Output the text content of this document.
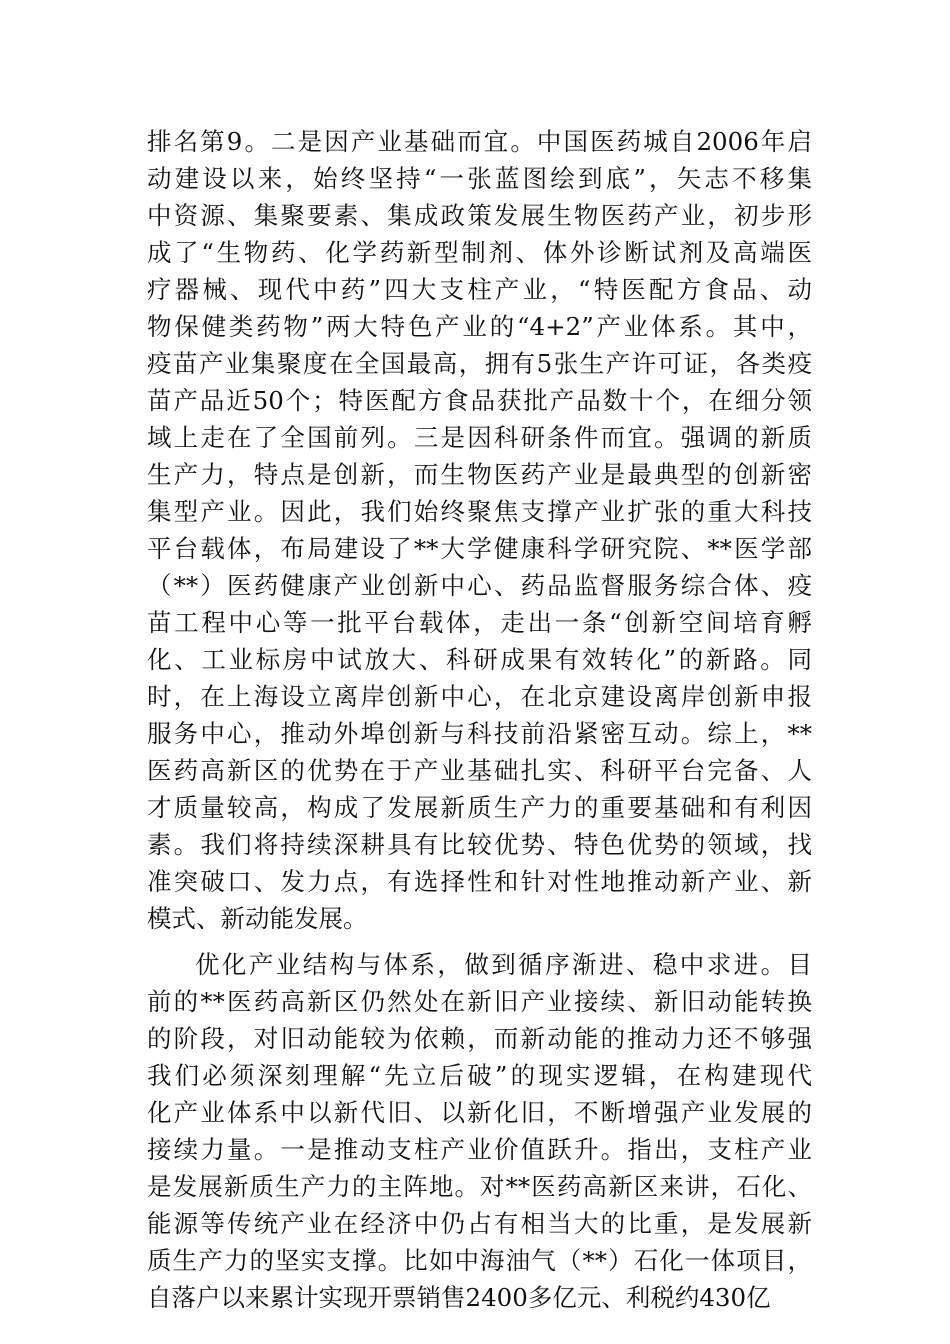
排名第9。二是因产业基础而宜。中国医药城自2006年启
动建设以来，始终坚持“一张蓝图绘到底”，矢志不移集
中资源、集聚要素、集成政策发展生物医药产业，初步形
成了“生物药、化学药新型制剂、体外诊断试剂及高端医
疗器械、现代中药”四大支柱产业，“特医配方食品、动
物保健类药物”两大特色产业的“4+2”产业体系。其中，
疫苗产业集聚度在全国最高，拥有5张生产许可证，各类疫
苗产品近50个；特医配方食品获批产品数十个，在细分领
域上走在了全国前列。三是因科研条件而宜。强调的新质
生产力，特点是创新，而生物医药产业是最典型的创新密
集型产业。因此，我们始终聚焦支撑产业扩张的重大科技
平台载体，布局建设了**大学健康科学研究院、**医学部
（**）医药健康产业创新中心、药品监督服务综合体、疫
苗工程中心等一批平台载体，走出一条“创新空间培育孵
化、工业标房中试放大、科研成果有效转化”的新路。同
时，在上海设立离岸创新中心，在北京建设离岸创新申报
服务中心，推动外埠创新与科技前沿紧密互动。综上，**
医药高新区的优势在于产业基础扎实、科研平台完备、人
才质量较高，构成了发展新质生产力的重要基础和有利因
素。我们将持续深耕具有比较优势、特色优势的领域，找
准突破口、发力点，有选择性和针对性地推动新产业、新
模式、新动能发展。
优化产业结构与体系，做到循序渐进、稳中求进。目
前的**医药高新区仍然处在新旧产业接续、新旧动能转换
的阶段，对旧动能较为依赖，而新动能的推动力还不够强
我们必须深刻理解“先立后破”的现实逻辑，在构建现代
化产业体系中以新代旧、以新化旧，不断增强产业发展的
接续力量。一是推动支柱产业价值跃升。指出，支柱产业
是发展新质生产力的主阵地。对**医药高新区来讲，石化、
能源等传统产业在经济中仍占有相当大的比重，是发展新
质生产力的坚实支撑。比如中海油气（**）石化一体项目，
自落户以来累计实现开票销售2400多亿元、利税约430亿
